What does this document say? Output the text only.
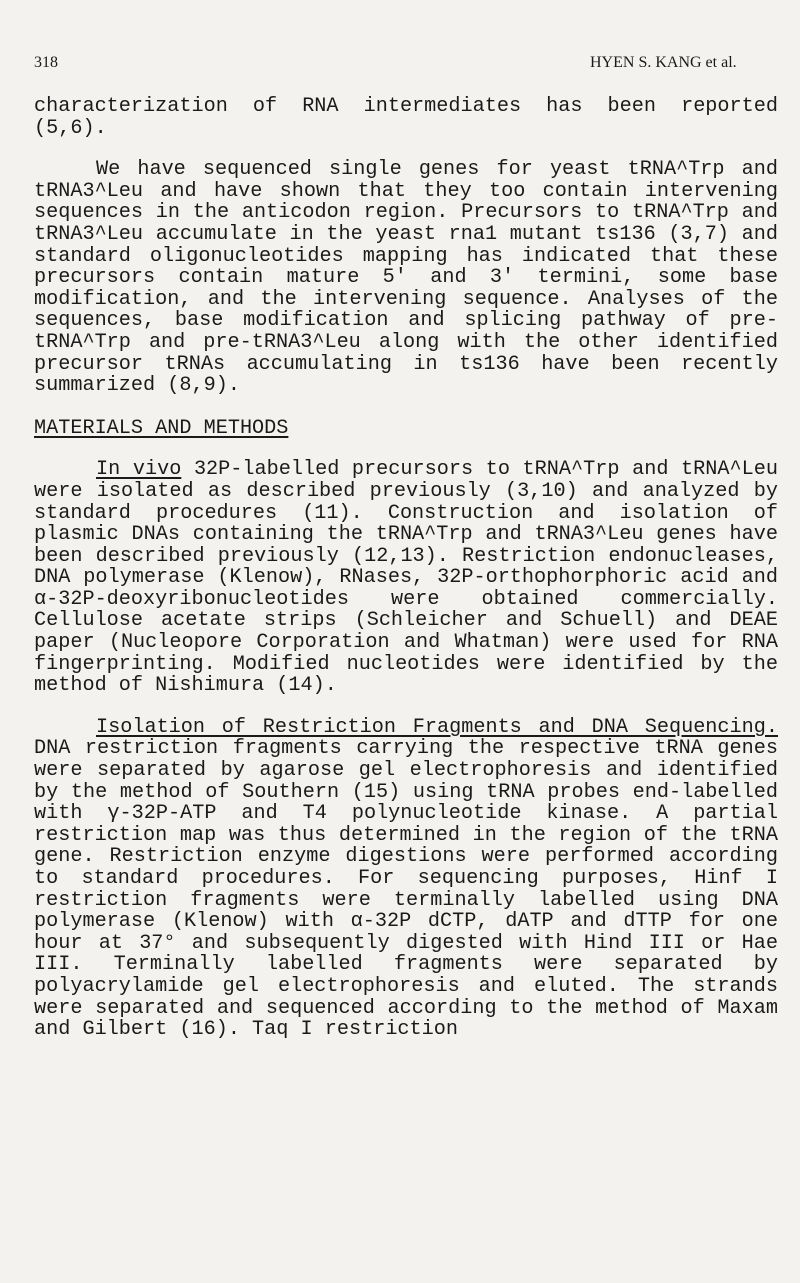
318	HYEN S. KANG et al.

characterization of RNA intermediates has been reported (5,6).

We have sequenced single genes for yeast tRNA^Trp and tRNA3^Leu and have shown that they too contain intervening sequences in the anticodon region. Precursors to tRNA^Trp and tRNA3^Leu accumulate in the yeast rna1 mutant ts136 (3,7) and standard oligonucleotides mapping has indicated that these precursors contain mature 5' and 3' termini, some base modification, and the intervening sequence. Analyses of the sequences, base modification and splicing pathway of pre-tRNA^Trp and pre-tRNA3^Leu along with the other identified precursor tRNAs accumulating in ts136 have been recently summarized (8,9).

MATERIALS AND METHODS

In vivo 32P-labelled precursors to tRNA^Trp and tRNA^Leu were isolated as described previously (3,10) and analyzed by standard procedures (11). Construction and isolation of plasmic DNAs containing the tRNA^Trp and tRNA3^Leu genes have been described previously (12,13). Restriction endonucleases, DNA polymerase (Klenow), RNases, 32P-orthophorphoric acid and α-32P-deoxyribonucleotides were obtained commercially. Cellulose acetate strips (Schleicher and Schuell) and DEAE paper (Nucleopore Corporation and Whatman) were used for RNA fingerprinting. Modified nucleotides were identified by the method of Nishimura (14).

Isolation of Restriction Fragments and DNA Sequencing. DNA restriction fragments carrying the respective tRNA genes were separated by agarose gel electrophoresis and identified by the method of Southern (15) using tRNA probes end-labelled with γ-32P-ATP and T4 polynucleotide kinase. A partial restriction map was thus determined in the region of the tRNA gene. Restriction enzyme digestions were performed according to standard procedures. For sequencing purposes, Hinf I restriction fragments were terminally labelled using DNA polymerase (Klenow) with α-32P dCTP, dATP and dTTP for one hour at 37° and subsequently digested with Hind III or Hae III. Terminally labelled fragments were separated by polyacrylamide gel electrophoresis and eluted. The strands were separated and sequenced according to the method of Maxam and Gilbert (16). Taq I restriction
